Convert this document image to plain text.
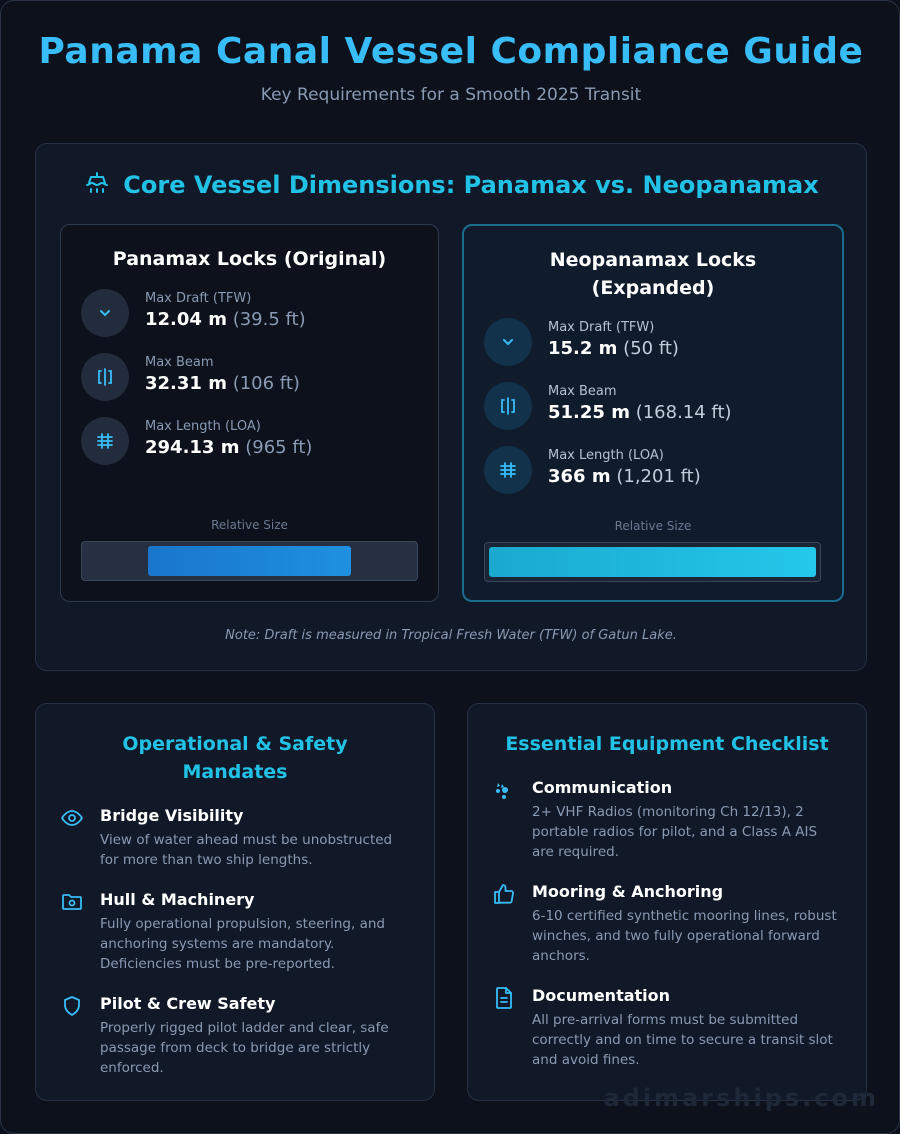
Panama Canal Vessel Compliance Guide
Key Requirements for a Smooth 2025 Transit
Core Vessel Dimensions: Panamax vs. Neopanamax
Panamax Locks (Original)
Max Draft (TFW)
12.04 m (39.5 ft)
Max Beam
32.31 m (106 ft)
Max Length (LOA)
294.13 m (965 ft)
Relative Size
Neopanamax Locks (Expanded)
Max Draft (TFW)
15.2 m (50 ft)
Max Beam
51.25 m (168.14 ft)
Max Length (LOA)
366 m (1,201 ft)
Relative Size
Note: Draft is measured in Tropical Fresh Water (TFW) of Gatun Lake.
Operational & Safety Mandates
Bridge Visibility
View of water ahead must be unobstructed for more than two ship lengths.
Hull & Machinery
Fully operational propulsion, steering, and anchoring systems are mandatory. Deficiencies must be pre-reported.
Pilot & Crew Safety
Properly rigged pilot ladder and clear, safe passage from deck to bridge are strictly enforced.
Essential Equipment Checklist
Communication
2+ VHF Radios (monitoring Ch 12/13), 2 portable radios for pilot, and a Class A AIS are required.
Mooring & Anchoring
6-10 certified synthetic mooring lines, robust winches, and two fully operational forward anchors.
Documentation
All pre-arrival forms must be submitted correctly and on time to secure a transit slot and avoid fines.
adimarships.com
